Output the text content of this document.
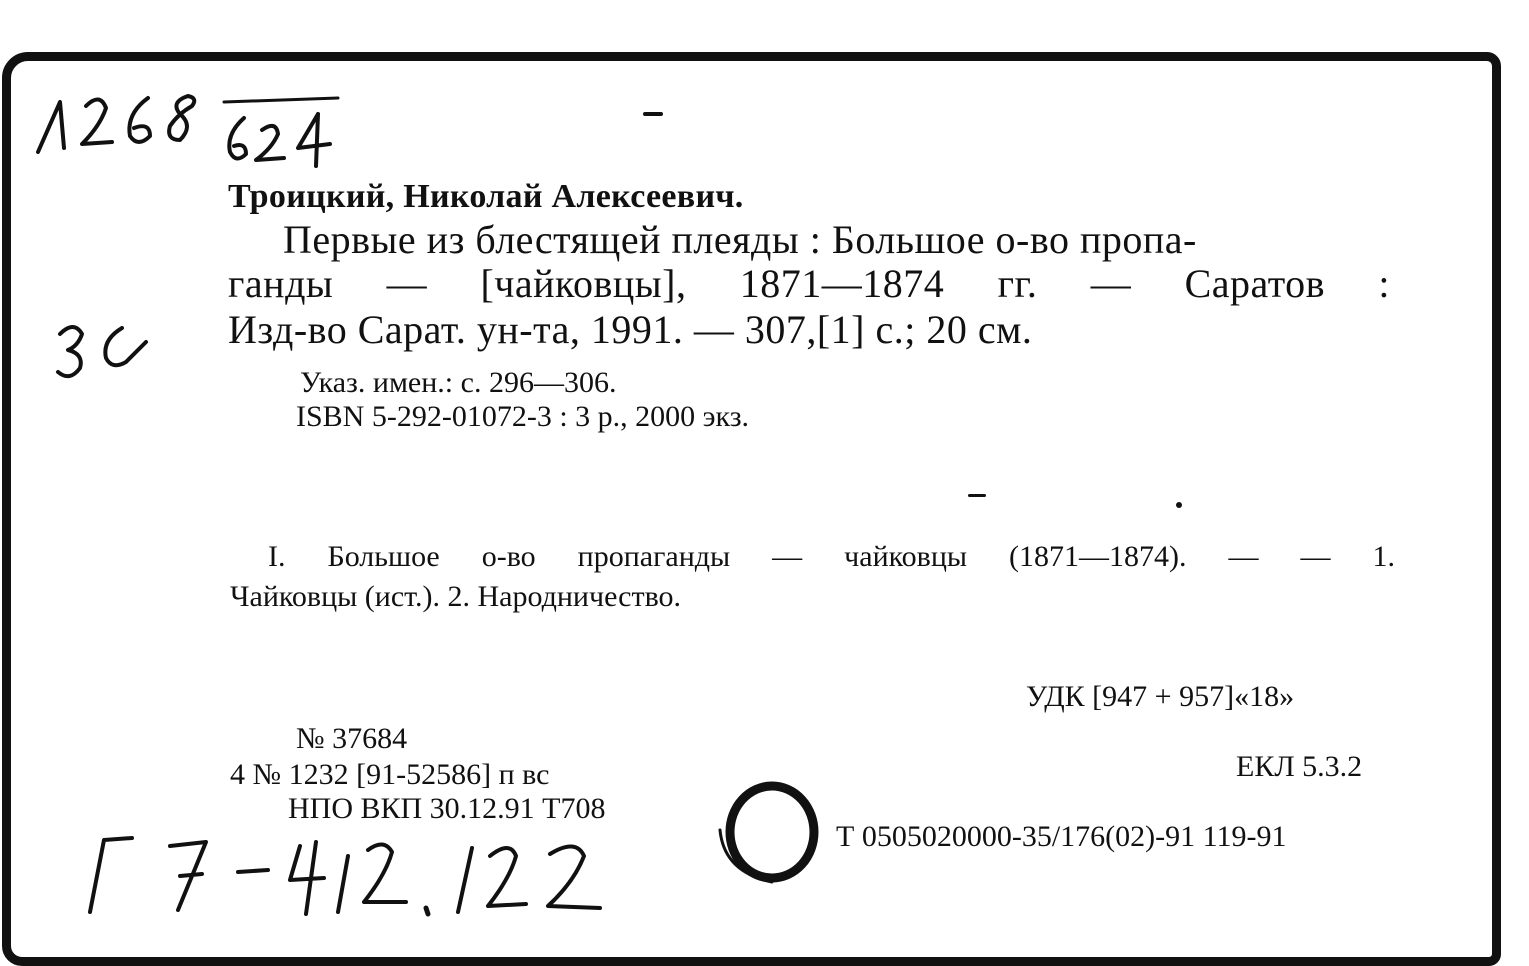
Троицкий, Николай Алексеевич.
Первые из блестящей плеяды : Большое о-во пропа-
ганды — [чайковцы], 1871—1874 гг. — Саратов :
Изд-во Сарат. ун-та, 1991. — 307,[1] с.; 20 см.
Указ. имен.: с. 296—306.
ISBN 5-292-01072-3 : 3 р., 2000 экз.
I. Большое о-во пропаганды — чайковцы (1871—1874). — — 1.
Чайковцы (ист.). 2. Народничество.
УДК [947 + 957]«18»
№ 37684
ЕКЛ 5.3.2
4 № 1232 [91-52586] п вс
НПО ВКП 30.12.91 Т708
Т 0505020000-35/176(02)-91 119-91
